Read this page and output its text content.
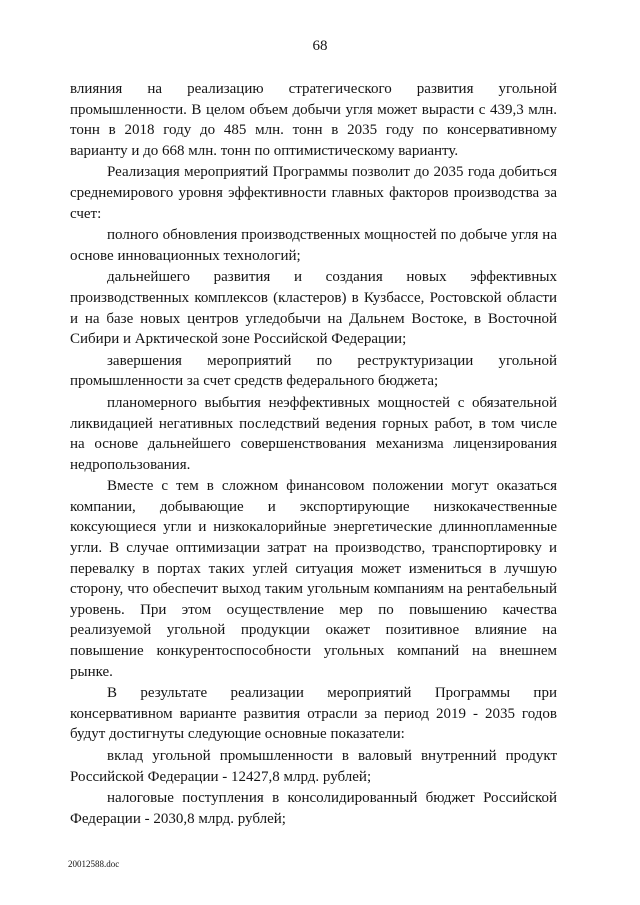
68

влияния на реализацию стратегического развития угольной промышленности. В целом объем добычи угля может вырасти с 439,3 млн. тонн в 2018 году до 485 млн. тонн в 2035 году по консервативному варианту и до 668 млн. тонн по оптимистическому варианту.

Реализация мероприятий Программы позволит до 2035 года добиться среднемирового уровня эффективности главных факторов производства за счет:

полного обновления производственных мощностей по добыче угля на основе инновационных технологий;

дальнейшего развития и создания новых эффективных производственных комплексов (кластеров) в Кузбассе, Ростовской области и на базе новых центров угледобычи на Дальнем Востоке, в Восточной Сибири и Арктической зоне Российской Федерации;

завершения мероприятий по реструктуризации угольной промышленности за счет средств федерального бюджета;

планомерного выбытия неэффективных мощностей с обязательной ликвидацией негативных последствий ведения горных работ, в том числе на основе дальнейшего совершенствования механизма лицензирования недропользования.

Вместе с тем в сложном финансовом положении могут оказаться компании, добывающие и экспортирующие низкокачественные коксующиеся угли и низкокалорийные энергетические длиннопламенные угли. В случае оптимизации затрат на производство, транспортировку и перевалку в портах таких углей ситуация может измениться в лучшую сторону, что обеспечит выход таким угольным компаниям на рентабельный уровень. При этом осуществление мер по повышению качества реализуемой угольной продукции окажет позитивное влияние на повышение конкурентоспособности угольных компаний на внешнем рынке.

В результате реализации мероприятий Программы при консервативном варианте развития отрасли за период 2019 - 2035 годов будут достигнуты следующие основные показатели:

вклад угольной промышленности в валовый внутренний продукт Российской Федерации - 12427,8 млрд. рублей;

налоговые поступления в консолидированный бюджет Российской Федерации - 2030,8 млрд. рублей;

20012588.doc
